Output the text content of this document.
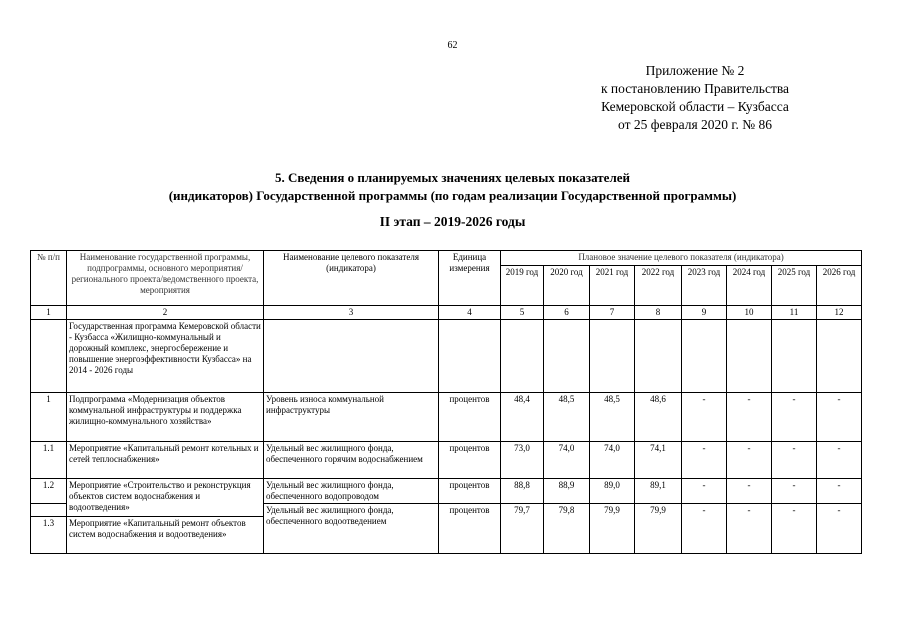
62
Приложение № 2
к постановлению Правительства
Кемеровской области – Кузбасса
от 25 февраля 2020 г. № 86
5. Сведения о планируемых значениях целевых показателей
(индикаторов) Государственной программы (по годам реализации Государственной программы)
II этап – 2019-2026 годы
№ п/п	Наименование государственной программы, подпрограммы, основного мероприятия/регионального проекта/ведомственного проекта, мероприятия	Наименование целевого показателя (индикатора)	Единица измерения	Плановое значение целевого показателя (индикатора)							
				2019 год	2020 год	2021 год	2022 год	2023 год	2024 год	2025 год	2026 год
1	2	3	4	5	6	7	8	9	10	11	12
	Государственная программа Кемеровской области - Кузбасса «Жилищно-коммунальный и дорожный комплекс, энергосбережение и повышение энергоэффективности Кузбасса» на 2014 - 2026 годы										
1	Подпрограмма «Модернизация объектов коммунальной инфраструктуры и поддержка жилищно-коммунального хозяйства»	Уровень износа коммунальной инфраструктуры	процентов	48,4	48,5	48,5	48,6	-	-	-	-
1.1	Мероприятие «Капитальный ремонт котельных и сетей теплоснабжения»	Удельный вес жилищного фонда, обеспеченного горячим водоснабжением	процентов	73,0	74,0	74,0	74,1	-	-	-	-
1.2	Мероприятие «Строительство и реконструкция объектов систем водоснабжения и водоотведения»	Удельный вес жилищного фонда, обеспеченного водопроводом	процентов	88,8	88,9	89,0	89,1	-	-	-	-
		Удельный вес жилищного фонда, обеспеченного водоотведением	процентов	79,7	79,8	79,9	79,9	-	-	-	-

1.3	Мероприятие «Капитальный ремонт объектов систем водоснабжения и водоотведения»										
